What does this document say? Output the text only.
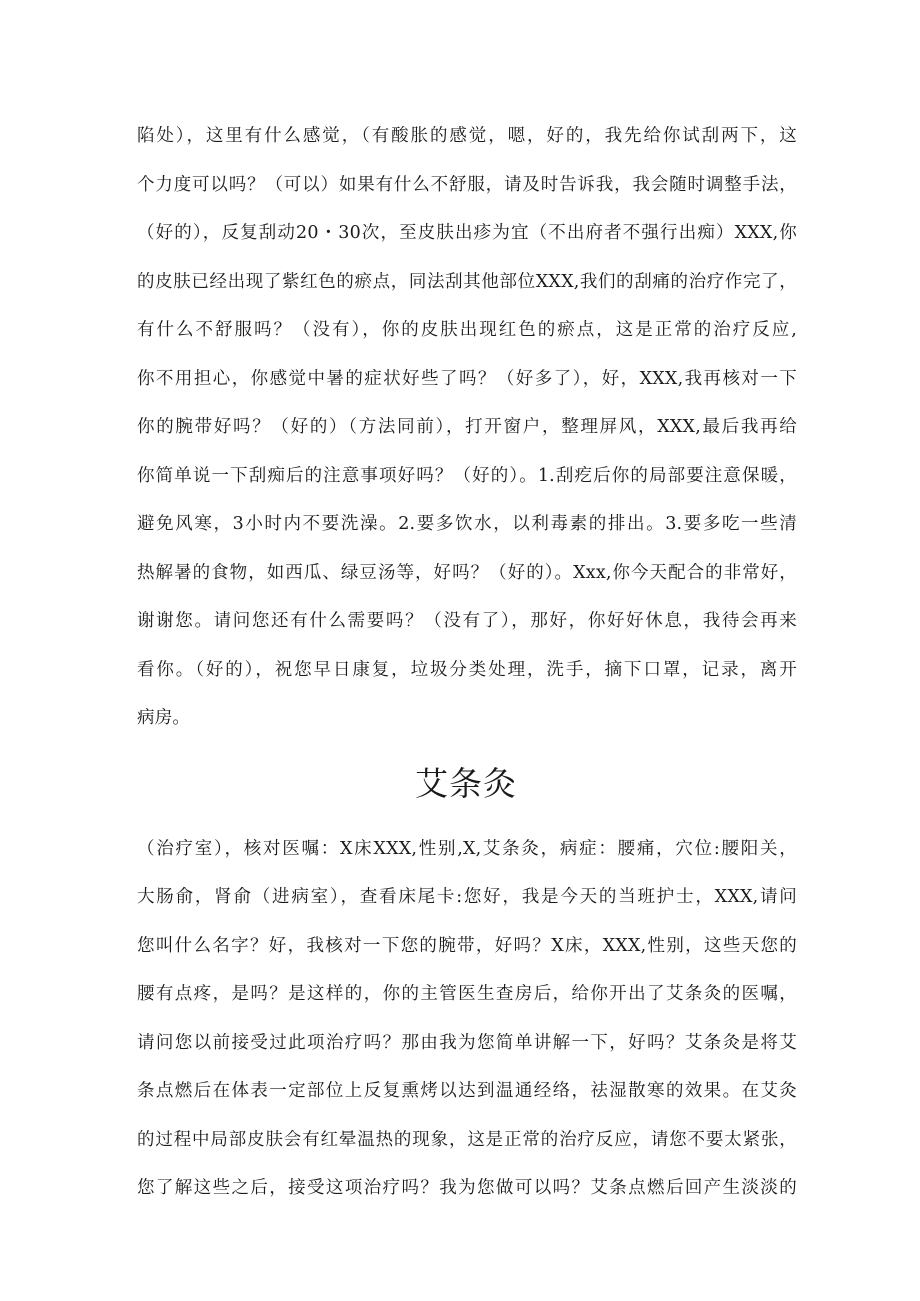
陷处），这里有什么感觉，（有酸胀的感觉，嗯，好的，我先给你试刮两下，这
个力度可以吗？（可以）如果有什么不舒服，请及时告诉我，我会随时调整手法，
（好的），反复刮动20・30次，至皮肤出疹为宜（不出府者不强行出痴）XXX,你
的皮肤已经出现了紫红色的瘀点，同法刮其他部位XXX,我们的刮痛的治疗作完了，
有什么不舒服吗？（没有），你的皮肤出现红色的瘀点，这是正常的治疗反应,
你不用担心，你感觉中暑的症状好些了吗？（好多了），好，XXX,我再核对一下
你的腕带好吗？（好的）（方法同前），打开窗户，整理屏风，XXX,最后我再给
你简单说一下刮痴后的注意事项好吗？（好的）。1.刮疙后你的局部要注意保暖，
避免风寒，3小时内不要洗澡。2.要多饮水，以利毒素的排出。3.要多吃一些清
热解暑的食物，如西瓜、绿豆汤等，好吗？（好的）。Xxx,你今天配合的非常好，
谢谢您。请问您还有什么需要吗？（没有了），那好，你好好休息，我待会再来
看你。（好的），祝您早日康复，垃圾分类处理，洗手，摘下口罩，记录，离开
病房。
艾条灸
（治疗室），核对医嘱：X床XXX,性别,X,艾条灸，病症：腰痛，穴位:腰阳关，
大肠俞，肾俞（进病室），查看床尾卡:您好，我是今天的当班护士，XXX,请问
您叫什么名字？好，我核对一下您的腕带，好吗？X床，XXX,性别，这些天您的
腰有点疼，是吗？是这样的，你的主管医生查房后，给你开出了艾条灸的医嘱，
请问您以前接受过此项治疗吗？那由我为您简单讲解一下，好吗？艾条灸是将艾
条点燃后在体表一定部位上反复熏烤以达到温通经络，祛湿散寒的效果。在艾灸
的过程中局部皮肤会有红晕温热的现象，这是正常的治疗反应，请您不要太紧张，
您了解这些之后，接受这项治疗吗？我为您做可以吗？艾条点燃后回产生淡淡的
